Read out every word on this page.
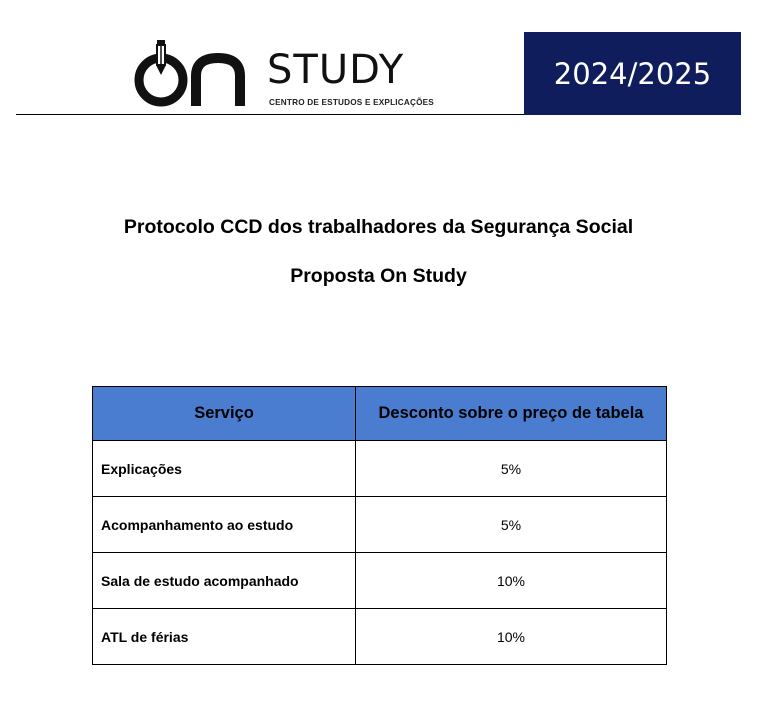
STUDY
CENTRO DE ESTUDOS E EXPLICAÇÕES
2024/2025
Protocolo CCD dos trabalhadores da Segurança Social
Proposta On Study
Serviço	Desconto sobre o preço de tabela
Explicações	5%
Acompanhamento ao estudo	5%
Sala de estudo acompanhado	10%
ATL de férias	10%
